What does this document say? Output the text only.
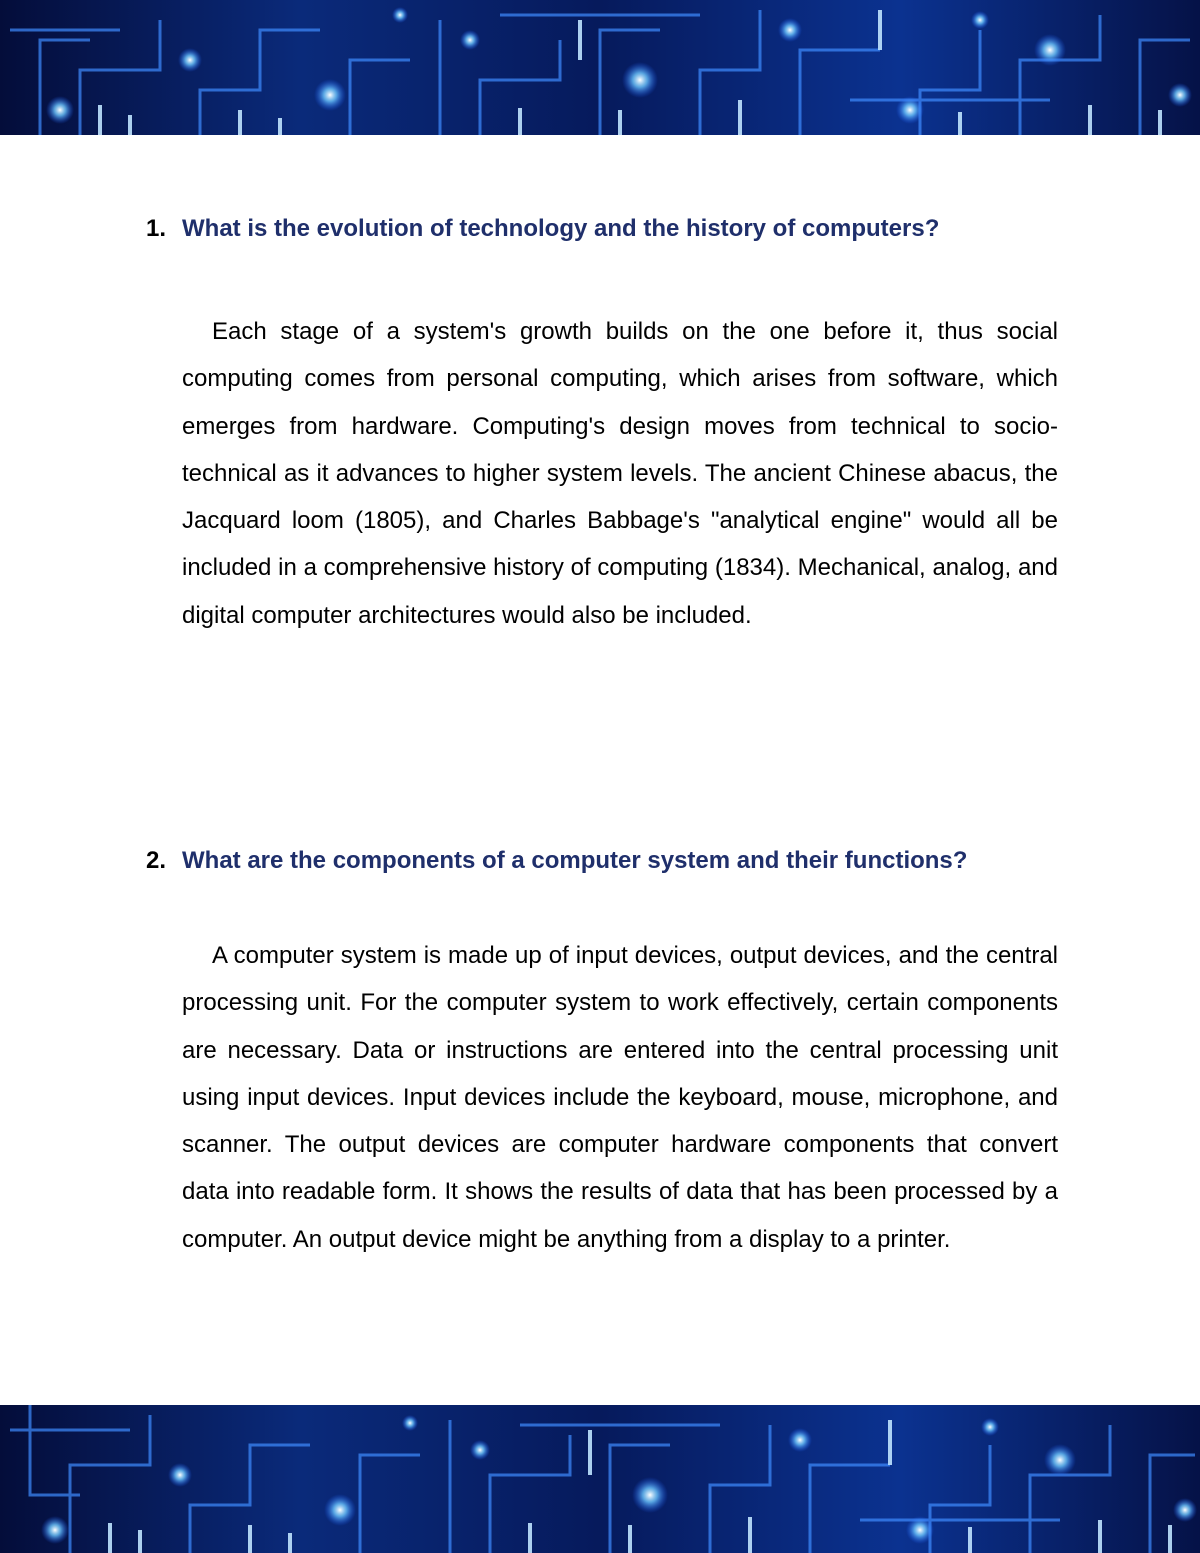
1. What is the evolution of technology and the history of computers?
Each stage of a system's growth builds on the one before it, thus social computing comes from personal computing, which arises from software, which emerges from hardware. Computing's design moves from technical to socio-technical as it advances to higher system levels. The ancient Chinese abacus, the Jacquard loom (1805), and Charles Babbage's "analytical engine" would all be included in a comprehensive history of computing (1834). Mechanical, analog, and digital computer architectures would also be included.
2. What are the components of a computer system and their functions?
A computer system is made up of input devices, output devices, and the central processing unit. For the computer system to work effectively, certain components are necessary. Data or instructions are entered into the central processing unit using input devices. Input devices include the keyboard, mouse, microphone, and scanner. The output devices are computer hardware components that convert data into readable form. It shows the results of data that has been processed by a computer. An output device might be anything from a display to a printer.
